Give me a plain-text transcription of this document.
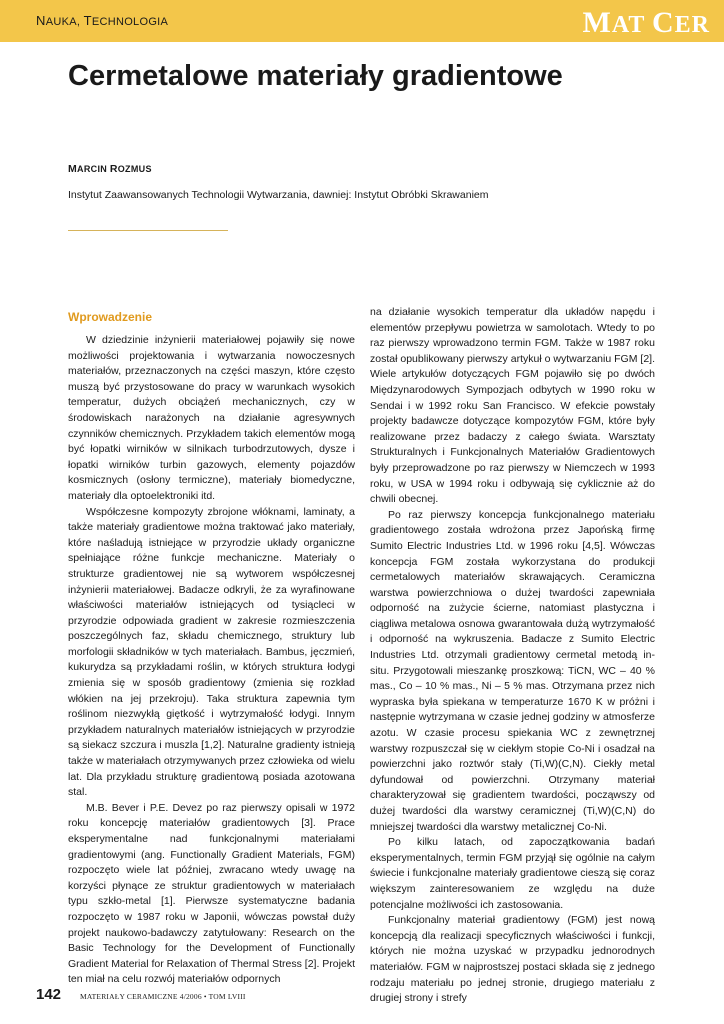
NAUKA, TECHNOLOGIA	MAT CER
Cermetalowe materiały gradientowe
MARCIN ROZMUS
Instytut Zaawansowanych Technologii Wytwarzania, dawniej: Instytut Obróbki Skrawaniem
Wprowadzenie

W dziedzinie inżynierii materiałowej pojawiły się nowe możliwości projektowania i wytwarzania nowoczesnych materiałów, przeznaczonych na części maszyn, które często muszą być przystosowane do pracy w warunkach wysokich temperatur, dużych obciążeń mechanicznych, czy w środowiskach narażonych na działanie agresywnych czynników chemicznych. Przykładem takich elementów mogą być łopatki wirników w silnikach turbodrzutowych, dysze i łopatki wirników turbin gazowych, elementy pojazdów kosmicznych (osłony termiczne), materiały biomedyczne, materiały dla optoelektroniki itd.

Współczesne kompozyty zbrojone włóknami, laminaty, a także materiały gradientowe można traktować jako materiały, które naśladują istniejące w przyrodzie układy organiczne spełniające różne funkcje mechaniczne. Materiały o strukturze gradientowej nie są wytworem współczesnej inżynierii materiałowej. Badacze odkryli, że za wyrafinowane właściwości materiałów istniejących od tysiącleci w przyrodzie odpowiada gradient w zakresie rozmieszczenia poszczególnych faz, składu chemicznego, struktury lub morfologii składników w tych materiałach. Bambus, jęczmień, kukurydza są przykładami roślin, w których struktura łodygi zmienia się w sposób gradientowy (zmienia się rozkład włókien na jej przekroju). Taka struktura zapewnia tym roślinom niezwykłą giętkość i wytrzymałość łodygi. Innym przykładem naturalnych materiałów istniejących w przyrodzie są siekacz szczura i muszla [1,2]. Naturalne gradienty istnieją także w materiałach otrzymywanych przez człowieka od wielu lat. Dla przykładu strukturę gradientową posiada azotowana stal.

M.B. Bever i P.E. Devez po raz pierwszy opisali w 1972 roku koncepcję materiałów gradientowych [3]. Prace eksperymentalne nad funkcjonalnymi materiałami gradientowymi (ang. Functionally Gradient Materials, FGM) rozpoczęto wiele lat później, zwracano wtedy uwagę na korzyści płynące ze struktur gradientowych w materiałach typu szkło-metal [1]. Pierwsze systematyczne badania rozpoczęto w 1987 roku w Japonii, wówczas powstał duży projekt naukowo-badawczy zatytułowany: Research on the Basic Technology for the Development of Functionally Gradient Material for Relaxation of Thermal Stress [2]. Projekt ten miał na celu rozwój materiałów odpornych

na działanie wysokich temperatur dla układów napędu i elementów przepływu powietrza w samolotach. Wtedy to po raz pierwszy wprowadzono termin FGM. Także w 1987 roku został opublikowany pierwszy artykuł o wytwarzaniu FGM [2]. Wiele artykułów dotyczących FGM pojawiło się po dwóch Międzynarodowych Sympozjach odbytych w 1990 roku w Sendai i w 1992 roku San Francisco. W efekcie powstały projekty badawcze dotyczące kompozytów FGM, które były realizowane przez badaczy z całego świata. Warsztaty Strukturalnych i Funkcjonalnych Materiałów Gradientowych były przeprowadzone po raz pierwszy w Niemczech w 1993 roku, w USA w 1994 roku i odbywają się cyklicznie aż do chwili obecnej.

Po raz pierwszy koncepcja funkcjonalnego materiału gradientowego została wdrożona przez Japońską firmę Sumito Electric Industries Ltd. w 1996 roku [4,5]. Wówczas koncepcja FGM została wykorzystana do produkcji cermetalowych materiałów skrawających. Ceramiczna warstwa powierzchniowa o dużej twardości zapewniała odporność na zużycie ścierne, natomiast plastyczna i ciągliwa metalowa osnowa gwarantowała dużą wytrzymałość i odporność na wykruszenia. Badacze z Sumito Electric Industries Ltd. otrzymali gradientowy cermetal metodą in-situ. Przygotowali mieszankę proszkową: TiCN, WC – 40 % mas., Co – 10 % mas., Ni – 5 % mas. Otrzymana przez nich wypraska była spiekana w temperaturze 1670 K w próżni i następnie wytrzymana w czasie jednej godziny w atmosferze azotu. W czasie procesu spiekania WC z zewnętrznej warstwy rozpuszczał się w ciekłym stopie Co-Ni i osadzał na powierzchni jako roztwór stały (Ti,W)(C,N). Ciekły metal dyfundował od powierzchni. Otrzymany materiał charakteryzował się gradientem twardości, począwszy od dużej twardości dla warstwy ceramicznej (Ti,W)(C,N) do mniejszej twardości dla warstwy metalicznej Co-Ni.

Po kilku latach, od zapoczątkowania badań eksperymentalnych, termin FGM przyjął się ogólnie na całym świecie i funkcjonalne materiały gradientowe cieszą się coraz większym zainteresowaniem ze względu na duże potencjalne możliwości ich zastosowania.

Funkcjonalny materiał gradientowy (FGM) jest nową koncepcją dla realizacji specyficznych właściwości i funkcji, których nie można uzyskać w przypadku jednorodnych materiałów. FGM w najprostszej postaci składa się z jednego rodzaju materiału po jednej stronie, drugiego materiału z drugiej strony i strefy

142	MATERIAŁY CERAMICZNE 4/2006 • TOM LVIII
